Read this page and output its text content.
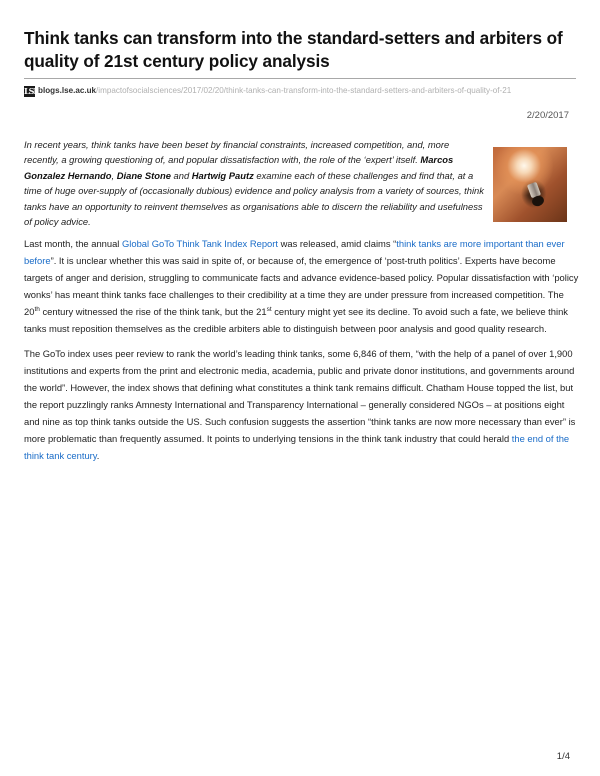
Think tanks can transform into the standard-setters and arbiters of quality of 21st century policy analysis
LSEblogs.lse.ac.uk/impactofsocialsciences/2017/02/20/think-tanks-can-transform-into-the-standard-setters-and-arbiters-of-quality-of-21
2/20/2017

In recent years, think tanks have been beset by financial constraints, increased competition, and, more recently, a growing questioning of, and popular dissatisfaction with, the role of the ‘expert’ itself. Marcos Gonzalez Hernando, Diane Stone and Hartwig Pautz examine each of these challenges and find that, at a time of huge over-supply of (occasionally dubious) evidence and policy analysis from a variety of sources, think tanks have an opportunity to reinvent themselves as organisations able to discern the reliability and usefulness of policy advice.

Last month, the annual Global GoTo Think Tank Index Report was released, amid claims “think tanks are more important than ever before”. It is unclear whether this was said in spite of, or because of, the emergence of ‘post-truth politics’. Experts have become targets of anger and derision, struggling to communicate facts and advance evidence-based policy. Popular dissatisfaction with ‘policy wonks’ has meant think tanks face challenges to their credibility at a time they are under pressure from increased competition. The 20th century witnessed the rise of the think tank, but the 21st century might yet see its decline. To avoid such a fate, we believe think tanks must reposition themselves as the credible arbiters able to distinguish between poor analysis and good quality research.

The GoTo index uses peer review to rank the world’s leading think tanks, some 6,846 of them, “with the help of a panel of over 1,900 institutions and experts from the print and electronic media, academia, public and private donor institutions, and governments around the world”. However, the index shows that defining what constitutes a think tank remains difficult. Chatham House topped the list, but the report puzzlingly ranks Amnesty International and Transparency International – generally considered NGOs – at positions eight and nine as top think tanks outside the US. Such confusion suggests the assertion “think tanks are now more necessary than ever” is more problematic than frequently assumed. It points to underlying tensions in the think tank industry that could herald the end of the think tank century.

1/4
